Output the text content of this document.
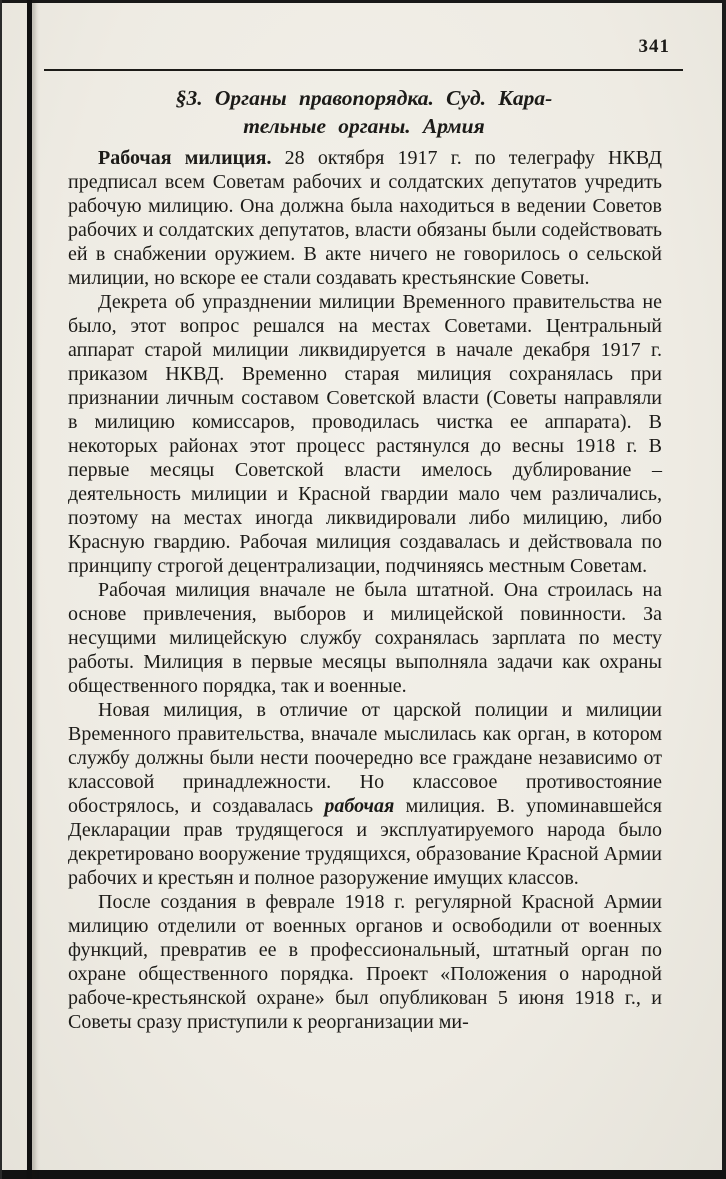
341
§3. Органы правопорядка. Суд. Кара-
тельные органы. Армия

Рабочая милиция. 28 октября 1917 г. по телеграфу НКВД предписал всем Советам рабочих и солдатских депутатов учредить рабочую милицию. Она должна была находиться в ведении Советов рабочих и солдатских депутатов, власти обязаны были содействовать ей в снабжении оружием. В акте ничего не говорилось о сельской милиции, но вскоре ее стали создавать крестьянские Советы.

Декрета об упразднении милиции Временного правительства не было, этот вопрос решался на местах Советами. Центральный аппарат старой милиции ликвидируется в начале декабря 1917 г. приказом НКВД. Временно старая милиция сохранялась при признании личным составом Советской власти (Советы направляли в милицию комиссаров, проводилась чистка ее аппарата). В некоторых районах этот процесс растянулся до весны 1918 г. В первые месяцы Советской власти имелось дублирование – деятельность милиции и Красной гвардии мало чем различались, поэтому на местах иногда ликвидировали либо милицию, либо Красную гвардию. Рабочая милиция создавалась и действовала по принципу строгой децентрализации, подчиняясь местным Советам.

Рабочая милиция вначале не была штатной. Она строилась на основе привлечения, выборов и милицейской повинности. За несущими милицейскую службу сохранялась зарплата по месту работы. Милиция в первые месяцы выполняла задачи как охраны общественного порядка, так и военные.

Новая милиция, в отличие от царской полиции и милиции Временного правительства, вначале мыслилась как орган, в котором службу должны были нести поочередно все граждане независимо от классовой принадлежности. Но классовое противостояние обострялось, и создавалась рабочая милиция. В. упоминавшейся Декларации прав трудящегося и эксплуатируемого народа было декретировано вооружение трудящихся, образование Красной Армии рабочих и крестьян и полное разоружение имущих классов.

После создания в феврале 1918 г. регулярной Красной Армии милицию отделили от военных органов и освободили от военных функций, превратив ее в профессиональный, штатный орган по охране общественного порядка. Проект «Положения о народной рабоче-крестьянской охране» был опубликован 5 июня 1918 г., и Советы сразу приступили к реорганизации ми-
